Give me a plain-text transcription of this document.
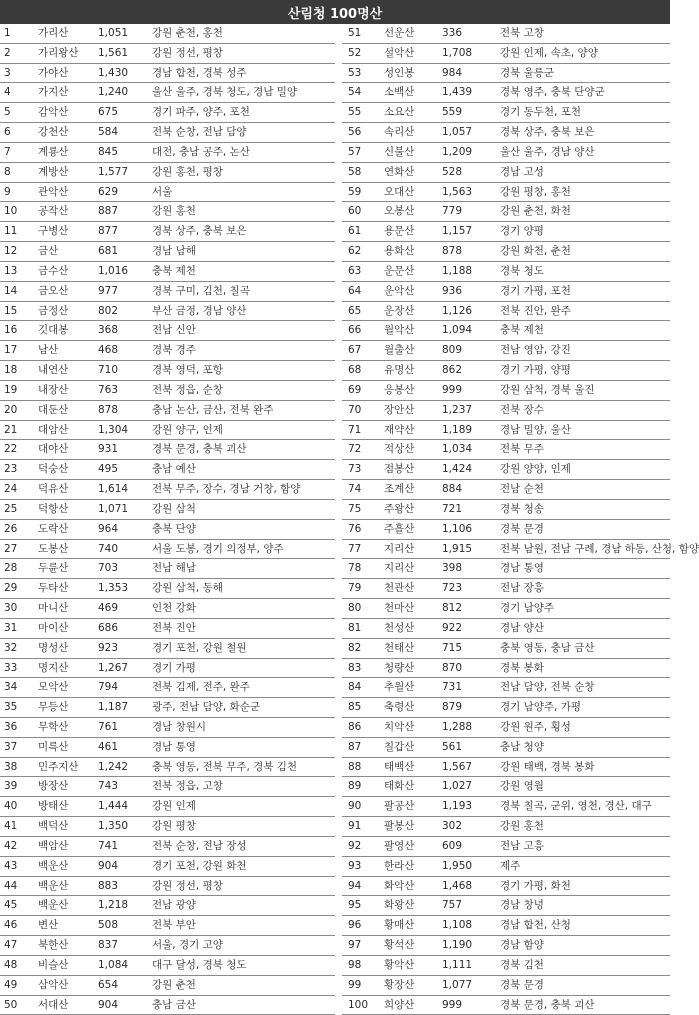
산림청 100명산
1	가리산	1,051 강원 춘천, 홍천
2	가리왕산 1,561 강원 정선, 평창
3	가야산	1,430 경남 합천, 경북 성주
4	가지산	1,240 울산 울주, 경북 청도, 경남 밀양
5	감악산	675	경기 파주, 양주, 포천
6	강천산	584	전북 순창, 전남 담양
7	계룡산	845	대전, 충남 공주, 논산
8	계방산	1,577 강원 홍천, 평창
9	관악산	629	서울
10 공작산	887	강원 홍천
11 구병산	877	경북 상주, 충북 보은
12 금산	681	경남 남해
13 금수산	1,016 충북 제천
14 금오산	977	경북 구미, 김천, 칠곡
15 금정산	802	부산 금정, 경남 양산
16 깃대봉	368	전남 신안
17 남산	468	경북 경주
18 내연산	710	경북 영덕, 포항
19 내장산	763	전북 정읍, 순창
20 대둔산	878	충남 논산, 금산, 전북 완주
21 대암산	1,304 강원 양구, 인제
22 대야산	931	경북 문경, 충북 괴산
23 덕숭산	495	충남 예산
24 덕유산	1,614 전북 무주, 장수, 경남 거창, 함양
25 덕항산	1,071 강원 삼척
26 도락산	964	충북 단양
27 도봉산	740	서울 도봉, 경기 의정부, 양주
28 두륜산	703	전남 해남
29 두타산	1,353 강원 삼척, 동해
30 마니산	469	인천 강화
31 마이산	686	전북 진안
32 명성산	923	경기 포천, 강원 철원
33 명지산	1,267 경기 가평
34 모악산	794	전북 김제, 전주, 완주
35 무등산	1,187 광주, 전남 담양, 화순군
36 무학산	761	경남 창원시
37 미륵산	461	경남 통영
38 민주지산 1,242 충북 영동, 전북 무주, 경북 김천
39 방장산	743	전북 정읍, 고창
40 방태산	1,444 강원 인제
41 백덕산	1,350 강원 평창
42 백암산	741	전북 순창, 전남 장성
43 백운산	904	경기 포천, 강원 화천
44 백운산	883	강원 정선, 평창
45 백운산	1,218 전남 광양
46 변산	508	전북 부안
47 북한산	837	서울, 경기 고양
48 비슬산	1,084 대구 달성, 경북 청도
49 삼악산	654	강원 춘천
50 서대산	904	충남 금산
51 선운산	336	전북 고창
52 설악산	1,708	강원 인제, 속초, 양양
53 성인봉	984	경북 울릉군
54 소백산	1,439	경북 영주, 충북 단양군
55 소요산	559	경기 동두천, 포천
56 속리산	1,057	경북 상주, 충북 보은
57 신불산	1,209	울산 울주, 경남 양산
58 연화산	528	경남 고성
59 오대산	1,563	강원 평창, 홍천
60 오봉산	779	강원 춘천, 화천
61 용문산	1,157	경기 양평
62 용화산	878	강원 화천, 춘천
63 운문산	1,188	경북 청도
64 운악산	936	경기 가평, 포천
65 운장산	1,126	전북 진안, 완주
66 월악산	1,094	충북 제천
67 월출산	809	전남 영암, 강진
68 유명산	862	경기 가평, 양평
69 응봉산	999	강원 삼척, 경북 울진
70 장안산	1,237	전북 장수
71 재약산	1,189	경남 밀양, 울산
72 적상산	1,034	전북 무주
73 점봉산	1,424	강원 양양, 인제
74 조계산	884	전남 순천
75 주왕산	721	경북 청송
76 주흘산	1,106	경북 문경
77 지리산	1,915	전북 남원, 전남 구례, 경남 하동, 산청, 함양
78 지리산	398	경남 통영
79 천관산	723	전남 장흥
80 천마산	812	경기 남양주
81 천성산	922	경남 양산
82 천태산	715	충북 영동, 충남 금산
83 청량산	870	경북 봉화
84 추월산	731	전남 담양, 전북 순창
85 축령산	879	경기 남양주, 가평
86 치악산	1,288	강원 원주, 횡성
87 칠갑산	561	충남 청양
88 태백산	1,567	강원 태백, 경북 봉화
89 태화산	1,027	강원 영월
90 팔공산	1,193	경북 칠곡, 군위, 영천, 경산, 대구
91 팔봉산	302	강원 홍천
92 팔영산	609	전남 고흥
93 한라산	1,950	제주
94 화악산	1,468	경기 가평, 화천
95 화왕산	757	경남 창녕
96 황매산	1,108	경남 합천, 산청
97 황석산	1,190	경남 함양
98 황악산	1,111	경북 김천
99 황장산	1,077	경북 문경
100 희양산	999	경북 문경, 충북 괴산
